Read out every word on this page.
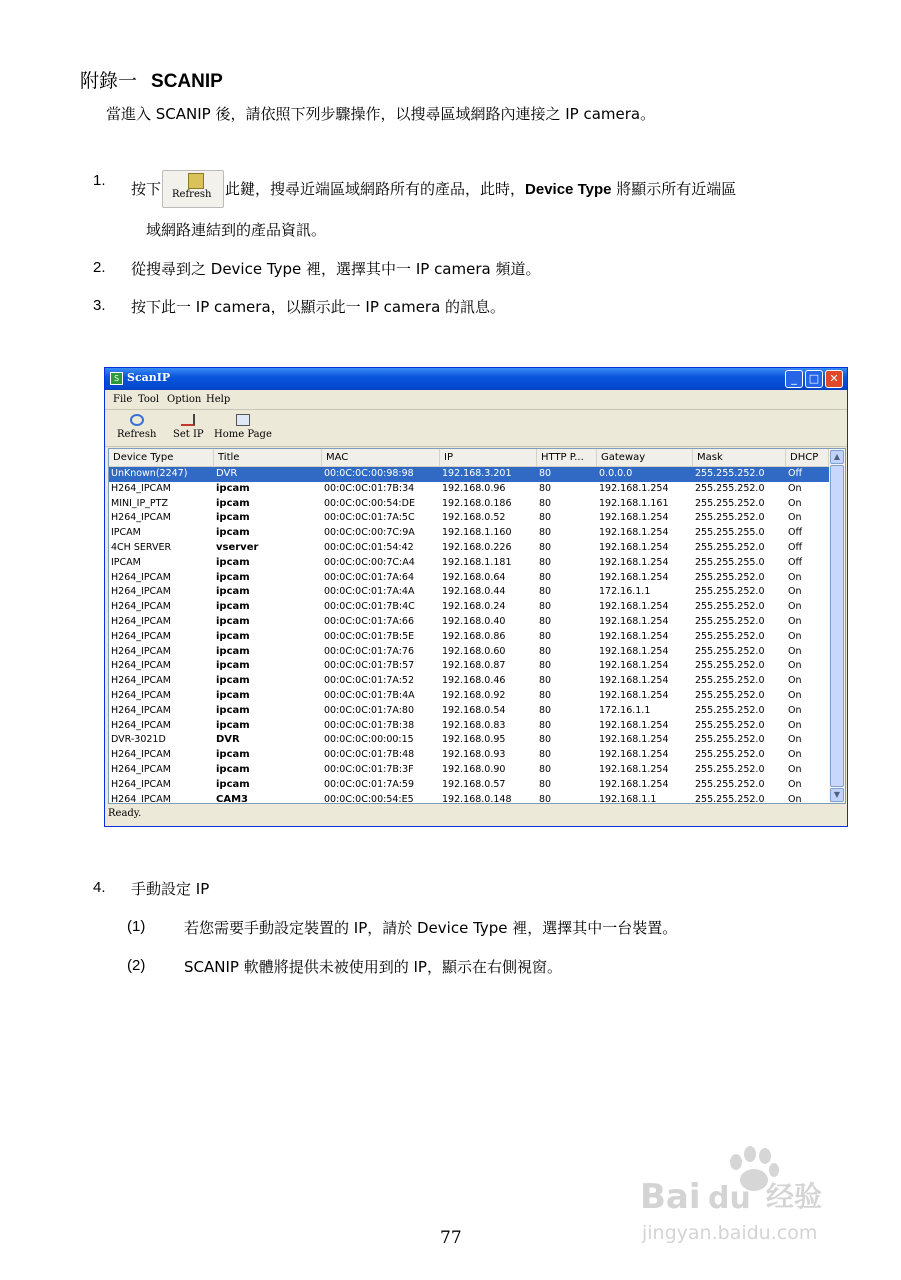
附錄一 SCANIP
當進入 SCANIP 後，請依照下列步驟操作，以搜尋區域網路內連接之 IP camera。
1. 按下 Refresh 此鍵，搜尋近端區域網路所有的產品，此時，Device Type 將顯示所有近端區
域網路連結到的產品資訊。
2. 從搜尋到之 Device Type 裡，選擇其中一 IP camera 頻道。
3. 按下此一 IP camera，以顯示此一 IP camera 的訊息。
S ScanIP	_	□ ✕
File Tool Option Help
Refresh Set IP Home Page
Device Type	Title	MAC	IP	HTTP P...	Gateway	Mask	DHCP
UnKnown(2247)	DVR	00:0C:0C:00:98:98	192.168.3.201	80	0.0.0.0	255.255.252.0	Off
H264_IPCAM	ipcam	00:0C:0C:01:7B:34	192.168.0.96	80	192.168.1.254	255.255.252.0	On
MINI_IP_PTZ	ipcam	00:0C:0C:00:54:DE	192.168.0.186	80	192.168.1.161	255.255.252.0	On
H264_IPCAM	ipcam	00:0C:0C:01:7A:5C	192.168.0.52	80	192.168.1.254	255.255.252.0	On
IPCAM	ipcam	00:0C:0C:00:7C:9A	192.168.1.160	80	192.168.1.254	255.255.255.0	Off
4CH SERVER	vserver	00:0C:0C:01:54:42	192.168.0.226	80	192.168.1.254	255.255.252.0	Off
IPCAM	ipcam	00:0C:0C:00:7C:A4	192.168.1.181	80	192.168.1.254	255.255.255.0	Off
H264_IPCAM	ipcam	00:0C:0C:01:7A:64	192.168.0.64	80	192.168.1.254	255.255.252.0	On
H264_IPCAM	ipcam	00:0C:0C:01:7A:4A	192.168.0.44	80	172.16.1.1	255.255.252.0	On
H264_IPCAM	ipcam	00:0C:0C:01:7B:4C	192.168.0.24	80	192.168.1.254	255.255.252.0	On
H264_IPCAM	ipcam	00:0C:0C:01:7A:66	192.168.0.40	80	192.168.1.254	255.255.252.0	On
H264_IPCAM	ipcam	00:0C:0C:01:7B:5E	192.168.0.86	80	192.168.1.254	255.255.252.0	On
H264_IPCAM	ipcam	00:0C:0C:01:7A:76	192.168.0.60	80	192.168.1.254	255.255.252.0	On
H264_IPCAM	ipcam	00:0C:0C:01:7B:57	192.168.0.87	80	192.168.1.254	255.255.252.0	On
H264_IPCAM	ipcam	00:0C:0C:01:7A:52	192.168.0.46	80	192.168.1.254	255.255.252.0	On
H264_IPCAM	ipcam	00:0C:0C:01:7B:4A	192.168.0.92	80	192.168.1.254	255.255.252.0	On
H264_IPCAM	ipcam	00:0C:0C:01:7A:80	192.168.0.54	80	172.16.1.1	255.255.252.0	On
H264_IPCAM	ipcam	00:0C:0C:01:7B:38	192.168.0.83	80	192.168.1.254	255.255.252.0	On
DVR-3021D	DVR	00:0C:0C:00:00:15	192.168.0.95	80	192.168.1.254	255.255.252.0	On
H264_IPCAM	ipcam	00:0C:0C:01:7B:48	192.168.0.93	80	192.168.1.254	255.255.252.0	On
H264_IPCAM	ipcam	00:0C:0C:01:7B:3F	192.168.0.90	80	192.168.1.254	255.255.252.0	On
H264_IPCAM	ipcam	00:0C:0C:01:7A:59	192.168.0.57	80	192.168.1.254	255.255.252.0	On
H264_IPCAM	CAM3	00:0C:0C:00:54:E5	192.168.0.148	80	192.168.1.1	255.255.252.0	On
▲
▼
Ready.
4. 手動設定 IP
(1)	若您需要手動設定裝置的 IP，請於 Device Type 裡，選擇其中一台裝置。
(2)	SCANIP 軟體將提供未被使用到的 IP，顯示在右側視窗。
77
Bai du 经验
jingyan.baidu.com
